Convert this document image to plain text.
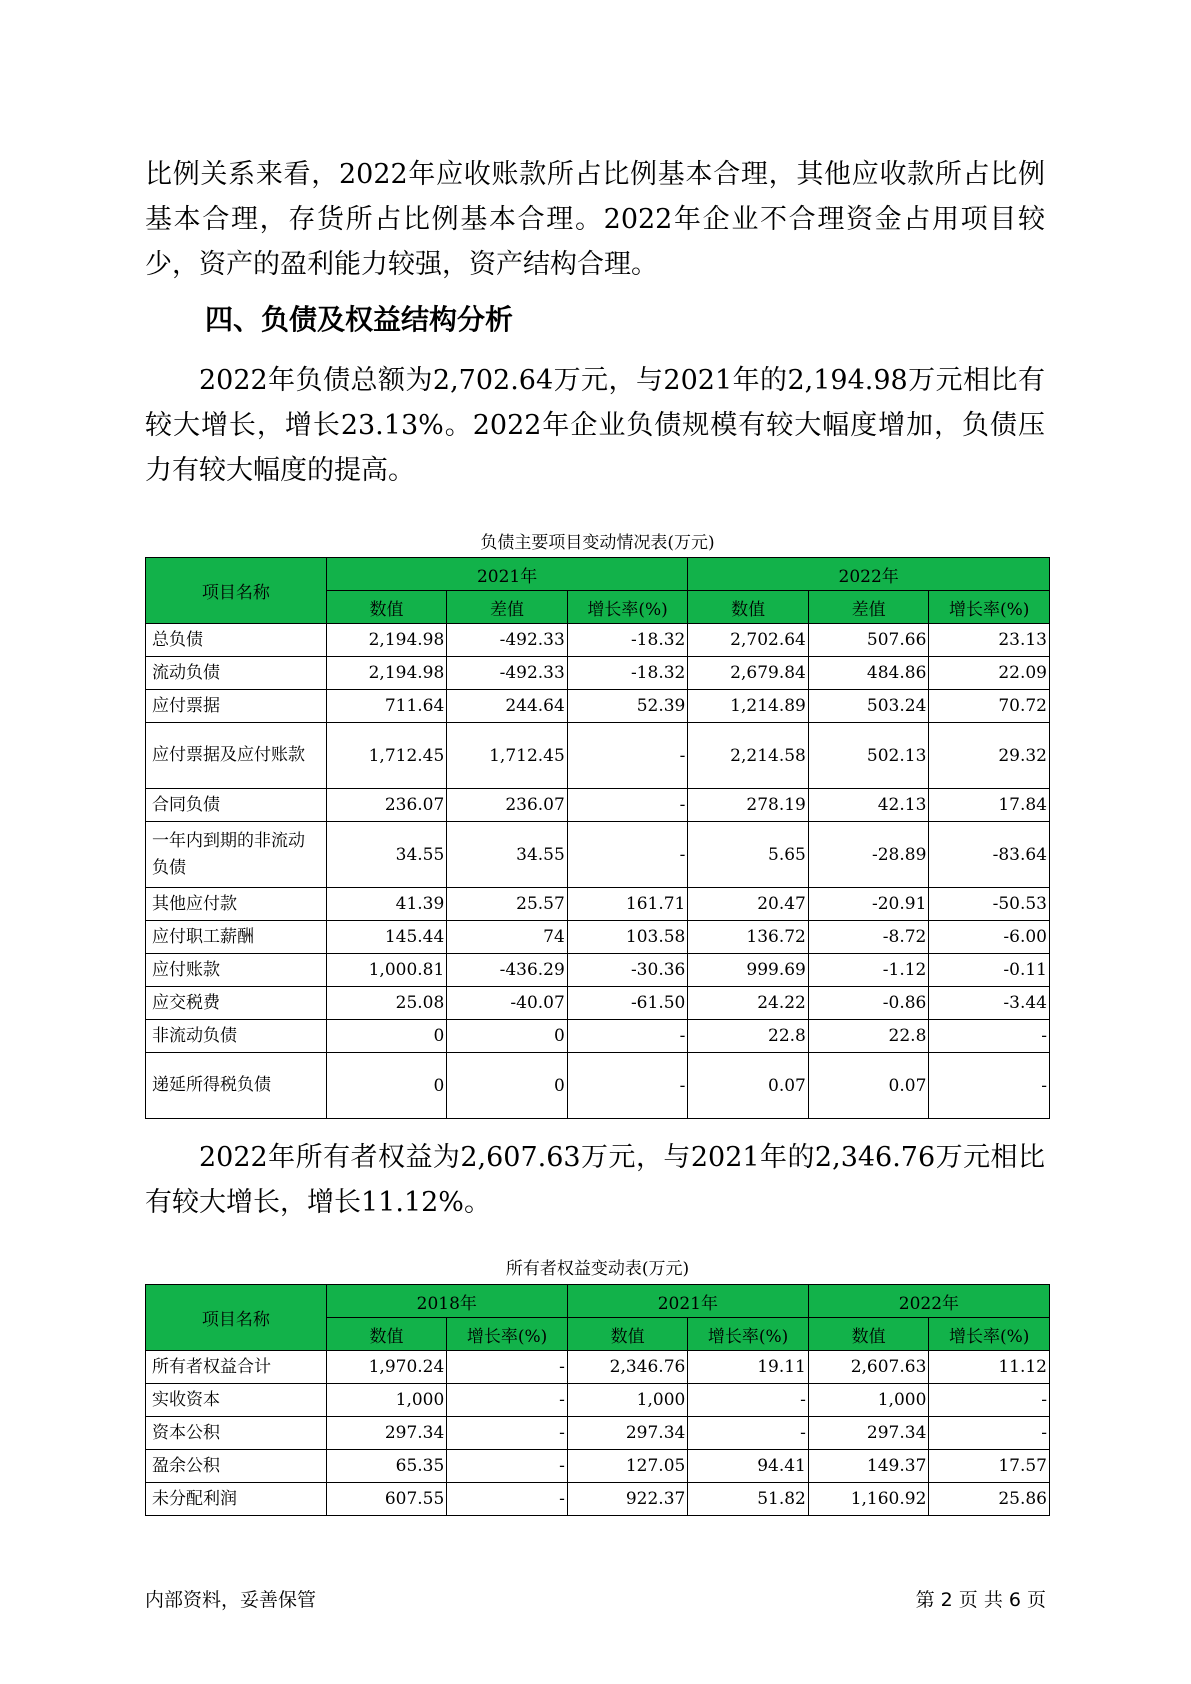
比例关系来看，2022年应收账款所占比例基本合理，其他应收款所占比例基本合理，存货所占比例基本合理。2022年企业不合理资金占用项目较少，资产的盈利能力较强，资产结构合理。

四、负债及权益结构分析

2022年负债总额为2,702.64万元，与2021年的2,194.98万元相比有较大增长，增长23.13%。2022年企业负债规模有较大幅度增加，负债压力有较大幅度的提高。

负债主要项目变动情况表(万元)
项目名称	2021年			2022年		
	数值	差值	增长率(%)	数值	差值	增长率(%)
总负债	2,194.98	-492.33	-18.32	2,702.64	507.66	23.13
流动负债	2,194.98	-492.33	-18.32	2,679.84	484.86	22.09
应付票据	711.64	244.64	52.39	1,214.89	503.24	70.72
应付票据及应付账款	1,712.45	1,712.45	-	2,214.58	502.13	29.32
合同负债	236.07	236.07	-	278.19	42.13	17.84
一年内到期的非流动负债	34.55	34.55	-	5.65	-28.89	-83.64
其他应付款	41.39	25.57	161.71	20.47	-20.91	-50.53
应付职工薪酬	145.44	74	103.58	136.72	-8.72	-6.00
应付账款	1,000.81	-436.29	-30.36	999.69	-1.12	-0.11
应交税费	25.08	-40.07	-61.50	24.22	-0.86	-3.44
非流动负债	0	0	-	22.8	22.8	-
递延所得税负债	0	0	-	0.07	0.07	-

2022年所有者权益为2,607.63万元，与2021年的2,346.76万元相比有较大增长，增长11.12%。

所有者权益变动表(万元)
项目名称	2018年		2021年		2022年	
	数值	增长率(%)	数值	增长率(%)	数值	增长率(%)
所有者权益合计	1,970.24	-	2,346.76	19.11	2,607.63	11.12
实收资本	1,000	-	1,000	-	1,000	-
资本公积	297.34	-	297.34	-	297.34	-
盈余公积	65.35	-	127.05	94.41	149.37	17.57
未分配利润	607.55	-	922.37	51.82	1,160.92	25.86
内部资料，妥善保管	第 2 页 共 6 页
